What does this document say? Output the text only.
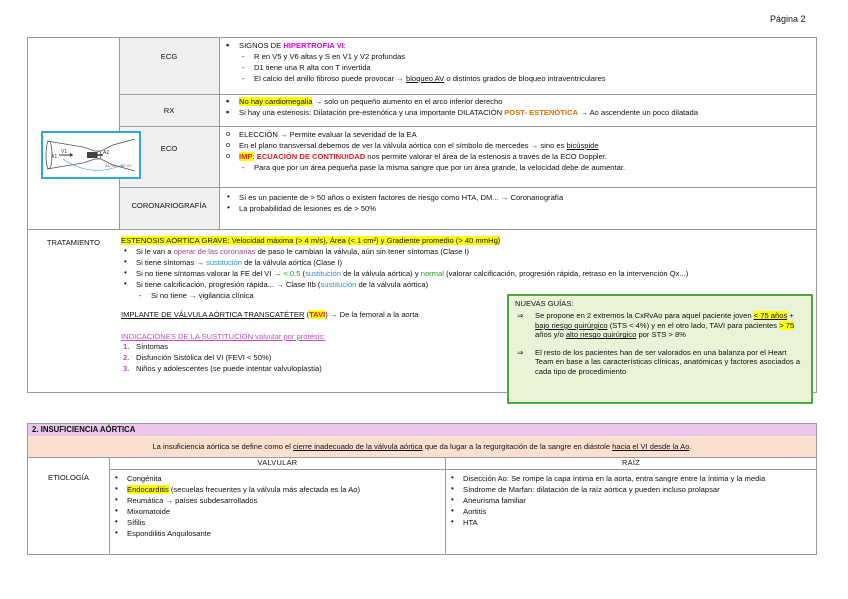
Página 2
ECG
RX
ECO
CORONARIOGRAFÍA
▪ SIGNOS DE HIPERTROFIA VI:
- R en V5 y V6 altas y S en V1 y V2 profundas
- D1 tiene una R alta con T invertida
- El calcio del anillo fibroso puede provocar → bloqueo AV o distintos grados de bloqueo intraventriculares
▪ No hay cardiomegalia → solo un pequeño aumento en el arco inferior derecho
▪ Si hay una estenosis: Dilatación pre-estenótica y una importante DILATACIÓN POST- ESTENÓTICA → Ao ascendente un poco dilatada
o ELECCIÓN → Permite evaluar la severidad de la EA
o En el plano transversal debemos de ver la válvula aórtica con el símbolo de mercedes → sino es bicúspide
o IMP: ECUACIÓN DE CONTINUIDAD nos permite valorar el área de la estenosis a través de la ECO Doppler.
- Para que por un área pequeña pase la misma sangre que por un área grande, la velocidad debe de aumentar.
• Sí es un paciente de > 50 años o existen factores de riesgo como HTA, DM... → Coronariografía
• La probabilidad de lesiones es de > 50%
TRATAMIENTO	ESTENOSIS AÓRTICA GRAVE: Velocidad máxima (> 4 m/s), Área (< 1 cm²) y Gradiente promedio (> 40 mmHg)
• Si le van a operar de las coronarias de paso le cambian la válvula, aún sin tener síntomas (Clase I)
• Si tiene síntomas → sustitución de la válvula aórtica (Clase I)
• Si no tiene síntomas valorar la FE del VI → < 0.5 (sustitución de la válvula aórtica) y normal (valorar calcificación, progresión rápida, retraso en la intervención Qx...)
• Si tiene calcificación, progresión rápida... → Clase IIb (sustitución de la válvula aórtica)
- Si no tiene → vigilancia clínica
IMPLANTE DE VÁLVULA AÓRTICA TRANSCATÉTER (TAVI) → De la femoral a la aorta
INDICACIONES DE LA SUSTITUCIÓN valvular por prótesis:
1. Síntomas
2. Disfunción Sistólica del VI (FEVI < 50%)
3. Niños y adolescentes (se puede intentar valvuloplastia)
A1
V1	A2
A1·V1 = A2·V2
NUEVAS GUÍAS:
⇒ Se propone en 2 extremos la CxRvAo para aquel paciente joven < 75 años + bajo riesgo quirúrgico (STS < 4%) y en el otro lado, TAVI para pacientes > 75 años y/o alto riesgo quirúrgico por STS > 8%
⇒ El resto de los pacientes han de ser valorados en una balanza por el Heart Team en base a las características clínicas, anatómicas y factores asociados a cada tipo de procedimiento
2. INSUFICIENCIA AÓRTICA
La insuficiencia aórtica se define como el cierre inadecuado de la válvula aórtica que da lugar a la regurgitación de la sangre en diástole hacia el VI desde la Ao.
VALVULAR	RAÍZ
ETIOLOGÍA
•	Congénita
• Endocarditis (secuelas frecuentes y la válvula más afectada es la Ao)
• Reumática → países subdesarrollados
• Mixomatoide
• Sífilis
• Espondilitis Anquilosante
• Disección Ao: Se rompe la capa íntima en la aorta, entra sangre entre la íntima y la media
• Síndrome de Marfan: dilatación de la raíz aórtica y pueden incluso prolapsar
• Aneurisma familiar
• Aortitis
• HTA
